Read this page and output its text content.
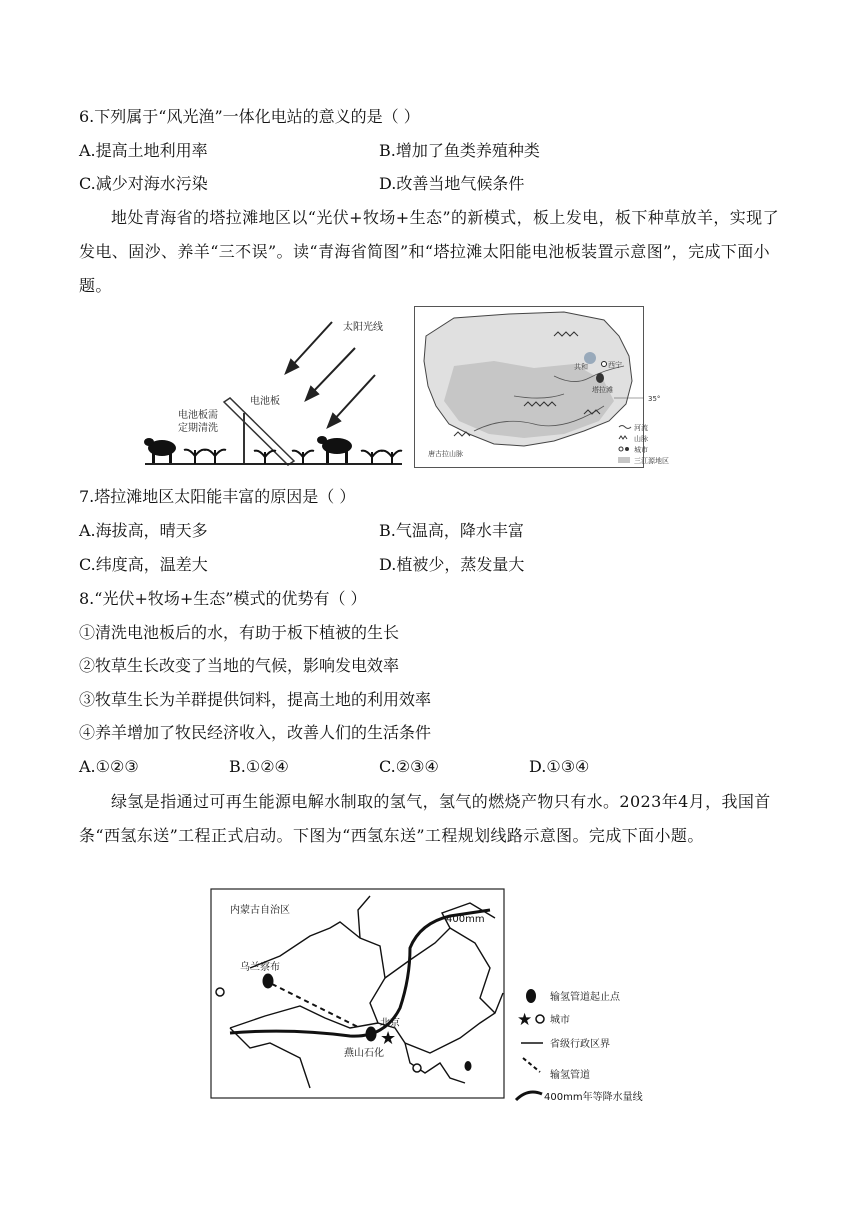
6.下列属于“风光渔”一体化电站的意义的是（ ）
A.提高土地利用率	B.增加了鱼类养殖种类
C.减少对海水污染	D.改善当地气候条件
地处青海省的塔拉滩地区以“光伏+牧场+生态”的新模式，板上发电，板下种草放羊，实现了发电、固沙、养羊“三不误”。读“青海省简图”和“塔拉滩太阳能电池板装置示意图”，完成下面小题。
太阳光线
电池板
电池板需
定期清洗
西宁
共和
塔拉滩
35°
唐古拉山脉
河流
山脉
城市
三江源地区
7.塔拉滩地区太阳能丰富的原因是（ ）
A.海拔高，晴天多	B.气温高，降水丰富
C.纬度高，温差大	D.植被少，蒸发量大
8.“光伏+牧场+生态”模式的优势有（ ）
①清洗电池板后的水，有助于板下植被的生长
②牧草生长改变了当地的气候，影响发电效率
③牧草生长为羊群提供饲料，提高土地的利用效率
④养羊增加了牧民经济收入，改善人们的生活条件
A.①②③	B.①②④	C.②③④	D.①③④
绿氢是指通过可再生能源电解水制取的氢气，氢气的燃烧产物只有水。2023年4月，我国首条“西氢东送”工程正式启动。下图为“西氢东送”工程规划线路示意图。完成下面小题。
内蒙古自治区
400mm
乌兰察布
燕山石化
北京
★
输氢管道起止点
★ 城市
省级行政区界
输氢管道
400mm年等降水量线
